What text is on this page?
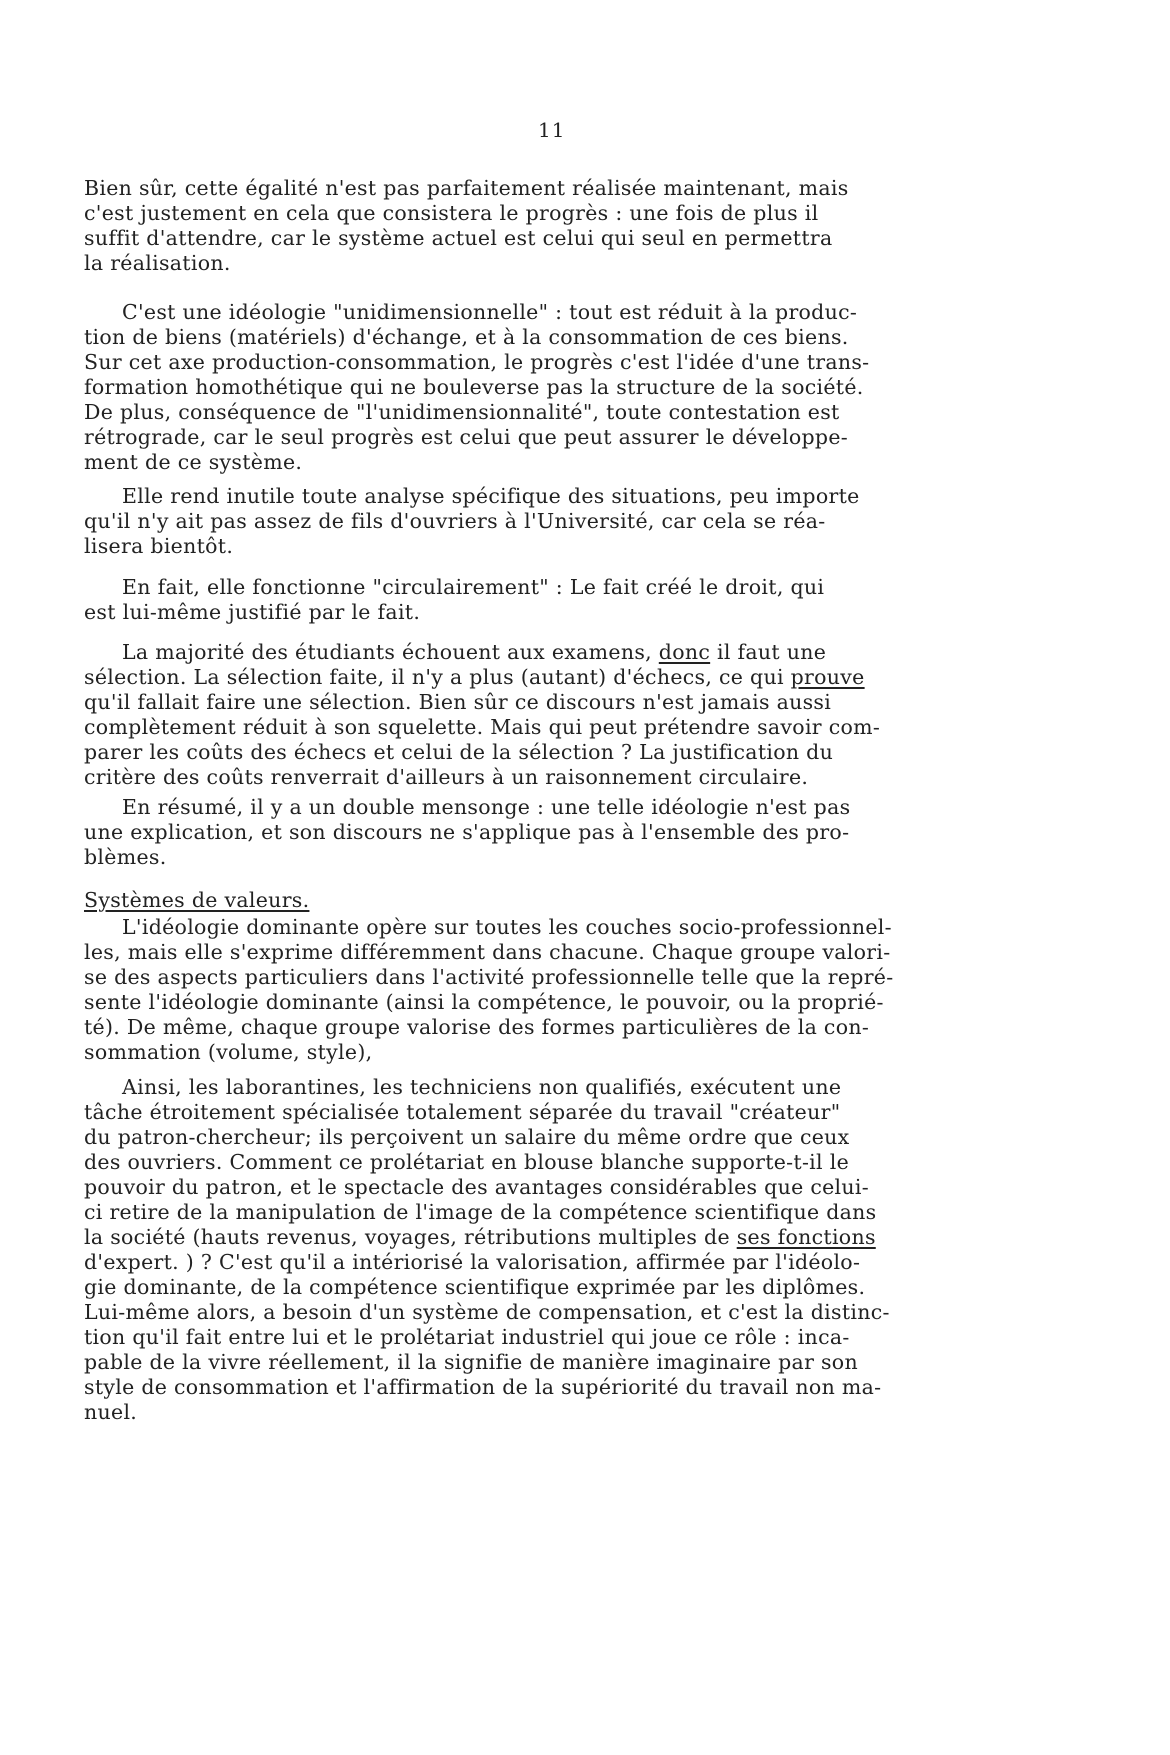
11
Bien sûr, cette égalité n'est pas parfaitement réalisée maintenant, mais
c'est justement en cela que consistera le progrès : une fois de plus il
suffit d'attendre, car le système actuel est celui qui seul en permettra
la réalisation.
C'est une idéologie "unidimensionnelle" : tout est réduit à la produc-
tion de biens (matériels) d'échange, et à la consommation de ces biens.
Sur cet axe production-consommation, le progrès c'est l'idée d'une trans-
formation homothétique qui ne bouleverse pas la structure de la société.
De plus, conséquence de "l'unidimensionnalité", toute contestation est
rétrograde, car le seul progrès est celui que peut assurer le développe-
ment de ce système.
Elle rend inutile toute analyse spécifique des situations, peu importe
qu'il n'y ait pas assez de fils d'ouvriers à l'Université, car cela se réa-
lisera bientôt.
En fait, elle fonctionne "circulairement" : Le fait créé le droit, qui
est lui-même justifié par le fait.
La majorité des étudiants échouent aux examens, donc il faut une
sélection. La sélection faite, il n'y a plus (autant) d'échecs, ce qui prouve
qu'il fallait faire une sélection. Bien sûr ce discours n'est jamais aussi
complètement réduit à son squelette. Mais qui peut prétendre savoir com-
parer les coûts des échecs et celui de la sélection ? La justification du
critère des coûts renverrait d'ailleurs à un raisonnement circulaire.
En résumé, il y a un double mensonge : une telle idéologie n'est pas
une explication, et son discours ne s'applique pas à l'ensemble des pro-
blèmes.
Systèmes de valeurs.
L'idéologie dominante opère sur toutes les couches socio-professionnel-
les, mais elle s'exprime différemment dans chacune. Chaque groupe valori-
se des aspects particuliers dans l'activité professionnelle telle que la repré-
sente l'idéologie dominante (ainsi la compétence, le pouvoir, ou la proprié-
té). De même, chaque groupe valorise des formes particulières de la con-
sommation (volume, style),
Ainsi, les laborantines, les techniciens non qualifiés, exécutent une
tâche étroitement spécialisée totalement séparée du travail "créateur"
du patron-chercheur; ils perçoivent un salaire du même ordre que ceux
des ouvriers. Comment ce prolétariat en blouse blanche supporte-t-il le
pouvoir du patron, et le spectacle des avantages considérables que celui-
ci retire de la manipulation de l'image de la compétence scientifique dans
la société (hauts revenus, voyages, rétributions multiples de ses fonctions
d'expert. ) ? C'est qu'il a intériorisé la valorisation, affirmée par l'idéolo-
gie dominante, de la compétence scientifique exprimée par les diplômes.
Lui-même alors, a besoin d'un système de compensation, et c'est la distinc-
tion qu'il fait entre lui et le prolétariat industriel qui joue ce rôle : inca-
pable de la vivre réellement, il la signifie de manière imaginaire par son
style de consommation et l'affirmation de la supériorité du travail non ma-
nuel.
